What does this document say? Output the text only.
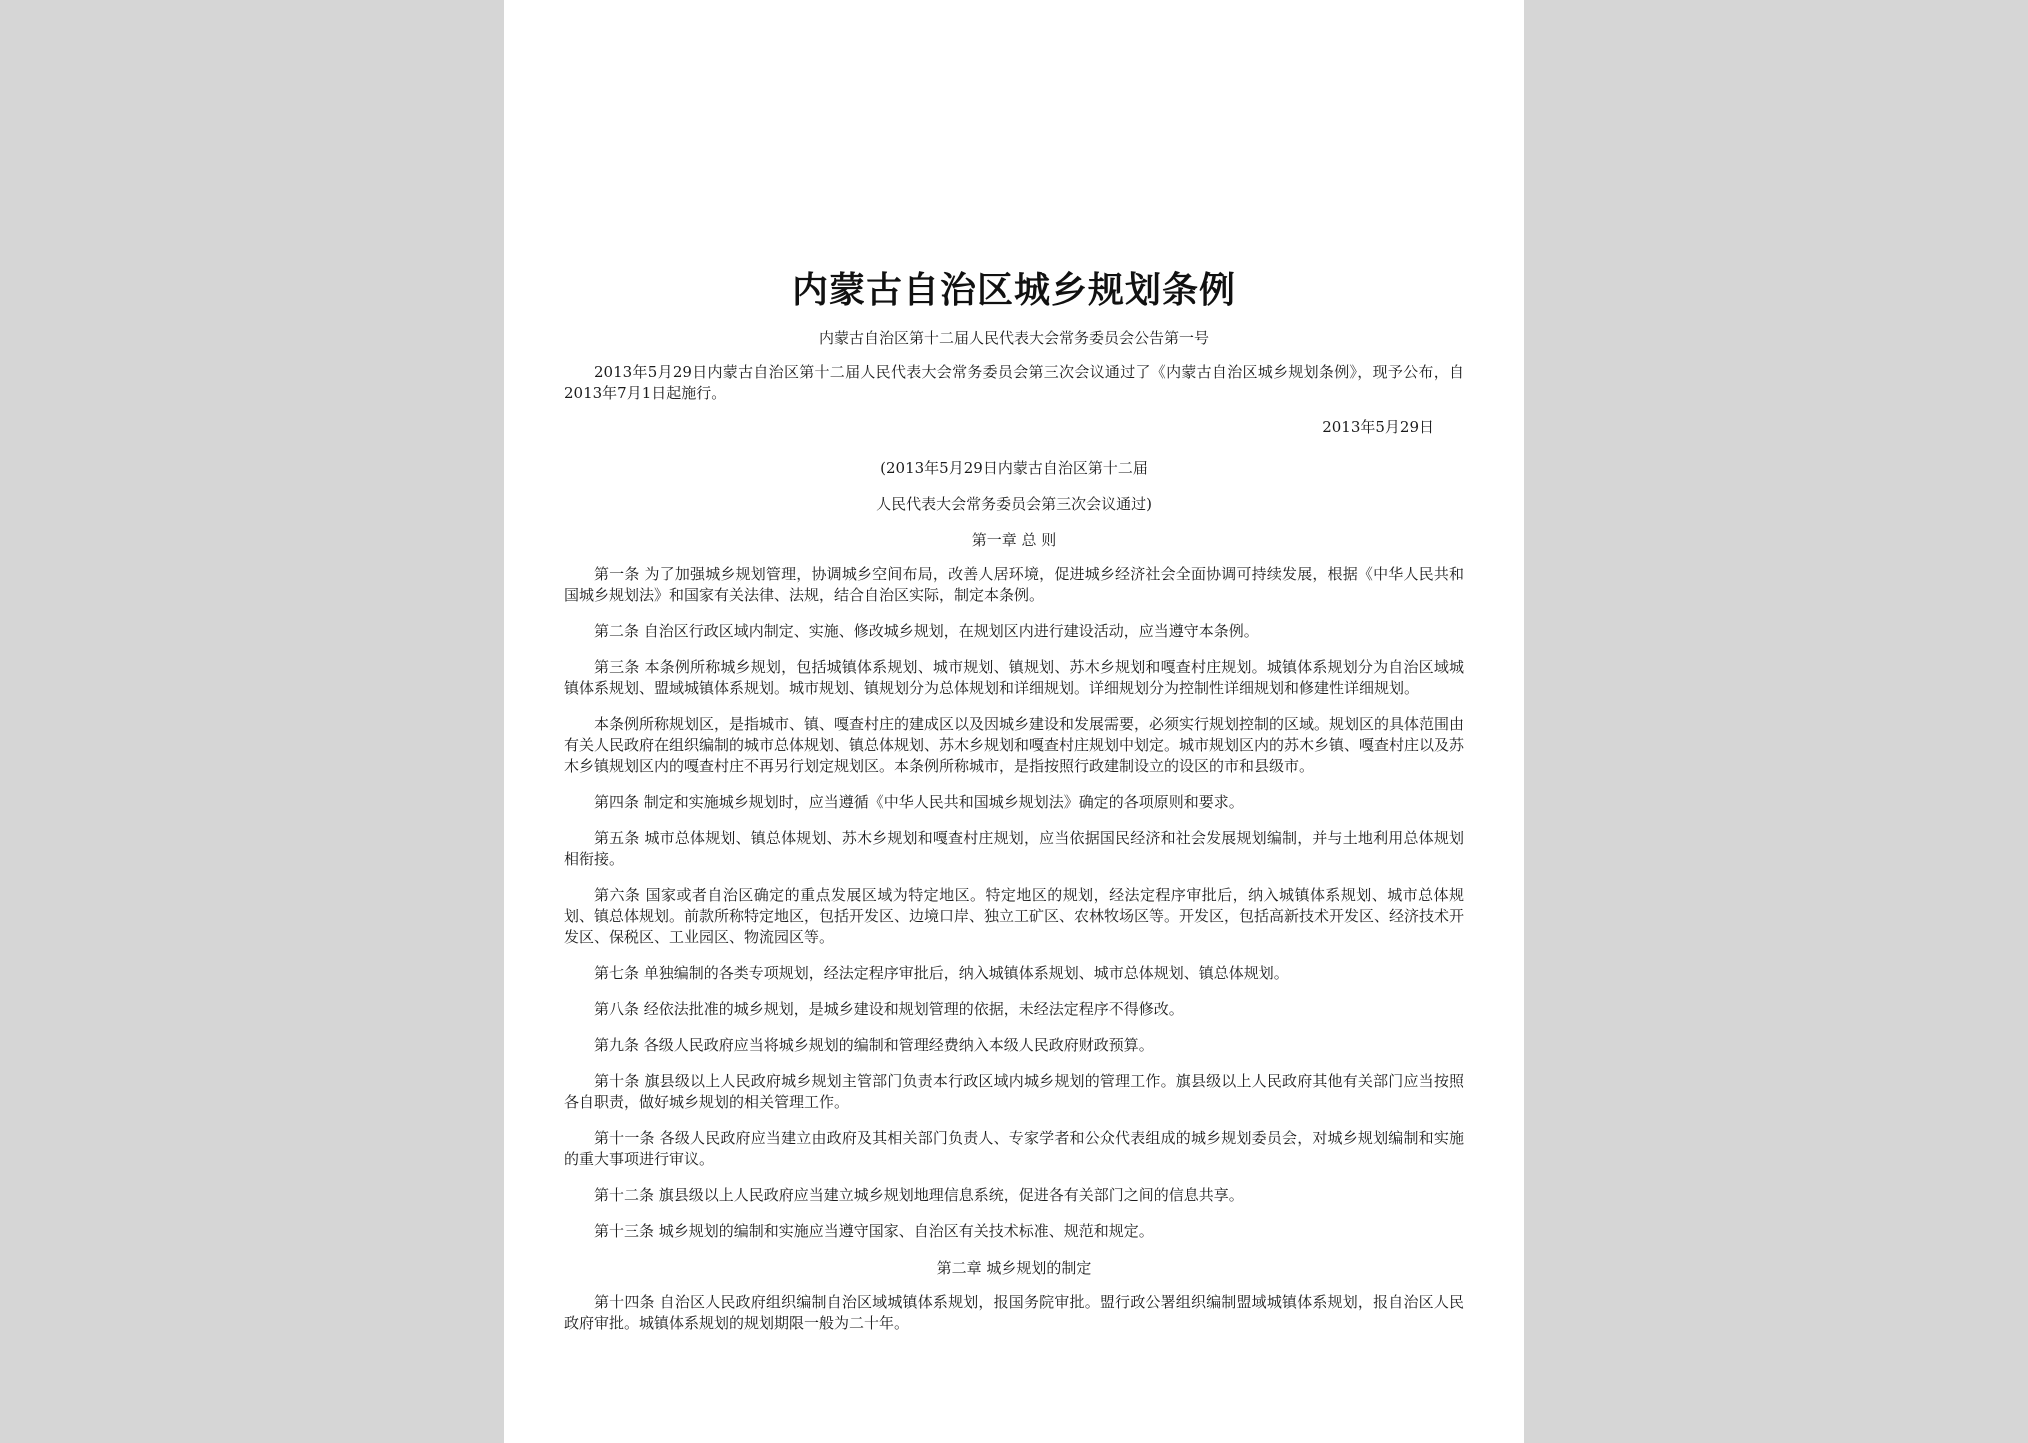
内蒙古自治区城乡规划条例
内蒙古自治区第十二届人民代表大会常务委员会公告第一号

2013年5月29日内蒙古自治区第十二届人民代表大会常务委员会第三次会议通过了《内蒙古自治区城乡规划条例》，现予公布，自2013年7月1日起施行。

2013年5月29日
(2013年5月29日内蒙古自治区第十二届
人民代表大会常务委员会第三次会议通过)
第一章 总 则

第一条 为了加强城乡规划管理，协调城乡空间布局，改善人居环境，促进城乡经济社会全面协调可持续发展，根据《中华人民共和国城乡规划法》和国家有关法律、法规，结合自治区实际，制定本条例。

第二条 自治区行政区域内制定、实施、修改城乡规划，在规划区内进行建设活动，应当遵守本条例。

第三条 本条例所称城乡规划，包括城镇体系规划、城市规划、镇规划、苏木乡规划和嘎查村庄规划。城镇体系规划分为自治区域城镇体系规划、盟域城镇体系规划。城市规划、镇规划分为总体规划和详细规划。详细规划分为控制性详细规划和修建性详细规划。

本条例所称规划区，是指城市、镇、嘎查村庄的建成区以及因城乡建设和发展需要，必须实行规划控制的区域。规划区的具体范围由有关人民政府在组织编制的城市总体规划、镇总体规划、苏木乡规划和嘎查村庄规划中划定。城市规划区内的苏木乡镇、嘎查村庄以及苏木乡镇规划区内的嘎查村庄不再另行划定规划区。本条例所称城市，是指按照行政建制设立的设区的市和县级市。

第四条 制定和实施城乡规划时，应当遵循《中华人民共和国城乡规划法》确定的各项原则和要求。

第五条 城市总体规划、镇总体规划、苏木乡规划和嘎查村庄规划，应当依据国民经济和社会发展规划编制，并与土地利用总体规划相衔接。

第六条 国家或者自治区确定的重点发展区域为特定地区。特定地区的规划，经法定程序审批后，纳入城镇体系规划、城市总体规划、镇总体规划。前款所称特定地区，包括开发区、边境口岸、独立工矿区、农林牧场区等。开发区，包括高新技术开发区、经济技术开发区、保税区、工业园区、物流园区等。

第七条 单独编制的各类专项规划，经法定程序审批后，纳入城镇体系规划、城市总体规划、镇总体规划。

第八条 经依法批准的城乡规划，是城乡建设和规划管理的依据，未经法定程序不得修改。

第九条 各级人民政府应当将城乡规划的编制和管理经费纳入本级人民政府财政预算。

第十条 旗县级以上人民政府城乡规划主管部门负责本行政区域内城乡规划的管理工作。旗县级以上人民政府其他有关部门应当按照各自职责，做好城乡规划的相关管理工作。

第十一条 各级人民政府应当建立由政府及其相关部门负责人、专家学者和公众代表组成的城乡规划委员会，对城乡规划编制和实施的重大事项进行审议。

第十二条 旗县级以上人民政府应当建立城乡规划地理信息系统，促进各有关部门之间的信息共享。

第十三条 城乡规划的编制和实施应当遵守国家、自治区有关技术标准、规范和规定。

第二章 城乡规划的制定

第十四条 自治区人民政府组织编制自治区域城镇体系规划，报国务院审批。盟行政公署组织编制盟域城镇体系规划，报自治区人民政府审批。城镇体系规划的规划期限一般为二十年。
